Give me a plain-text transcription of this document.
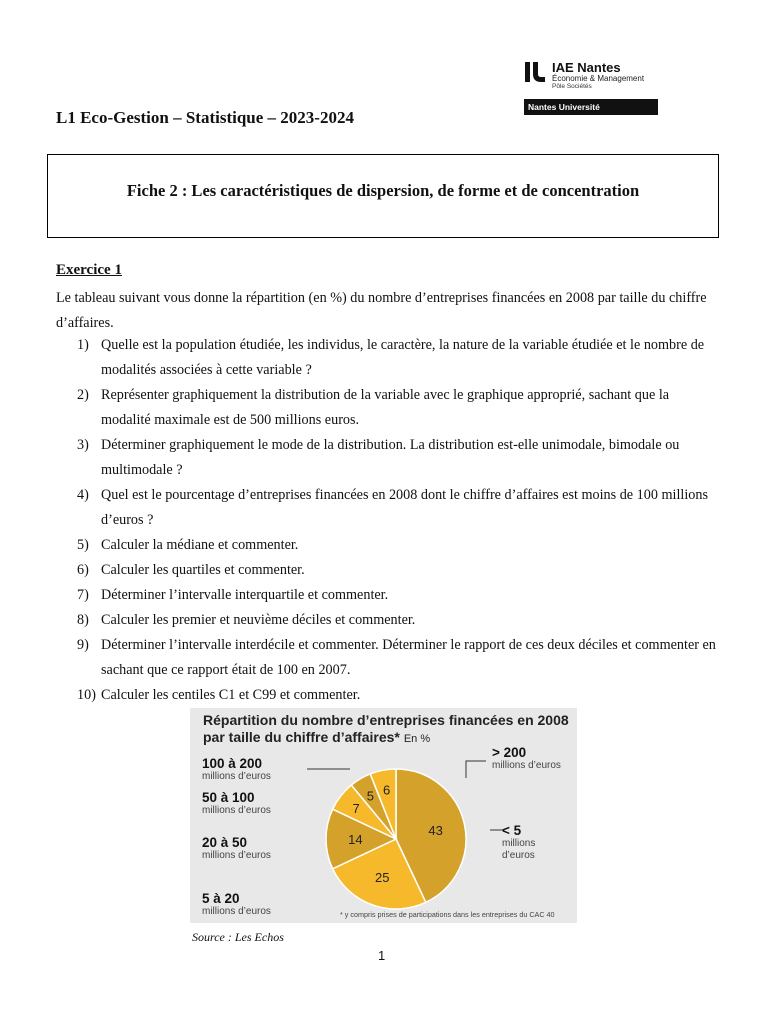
IAE Nantes
Économie & Management
Pôle Sociétés
Nantes Université
L1 Eco-Gestion – Statistique – 2023-2024
Fiche 2 : Les caractéristiques de dispersion, de forme et de concentration
Exercice 1
Le tableau suivant vous donne la répartition (en %) du nombre d’entreprises financées en 2008 par taille du chiffre d’affaires.
1) Quelle est la population étudiée, les individus, le caractère, la nature de la variable étudiée et le nombre de modalités associées à cette variable ?
2) Représenter graphiquement la distribution de la variable avec le graphique approprié, sachant que la modalité maximale est de 500 millions euros.
3) Déterminer graphiquement le mode de la distribution. La distribution est-elle unimodale, bimodale ou multimodale ?
4) Quel est le pourcentage d’entreprises financées en 2008 dont le chiffre d’affaires est moins de 100 millions d’euros ?
5) Calculer la médiane et commenter.
6) Calculer les quartiles et commenter.
7) Déterminer l’intervalle interquartile et commenter.
8) Calculer les premier et neuvième déciles et commenter.
9) Déterminer l’intervalle interdécile et commenter. Déterminer le rapport de ces deux déciles et commenter en sachant que ce rapport était de 100 en 2007.
10) Calculer les centiles C1 et C99 et commenter.
Répartition du nombre d’entreprises financées en 2008
par taille du chiffre d’affaires* En %
43
25
14
7
5 6
100 à 200
millions d’euros
50 à 100
millions d’euros
20 à 50
millions d’euros
5 à 20
millions d’euros
> 200
millions d’euros
< 5
millions d’euros
* y compris prises de participations dans les entreprises du CAC 40
Source : Les Echos
1
